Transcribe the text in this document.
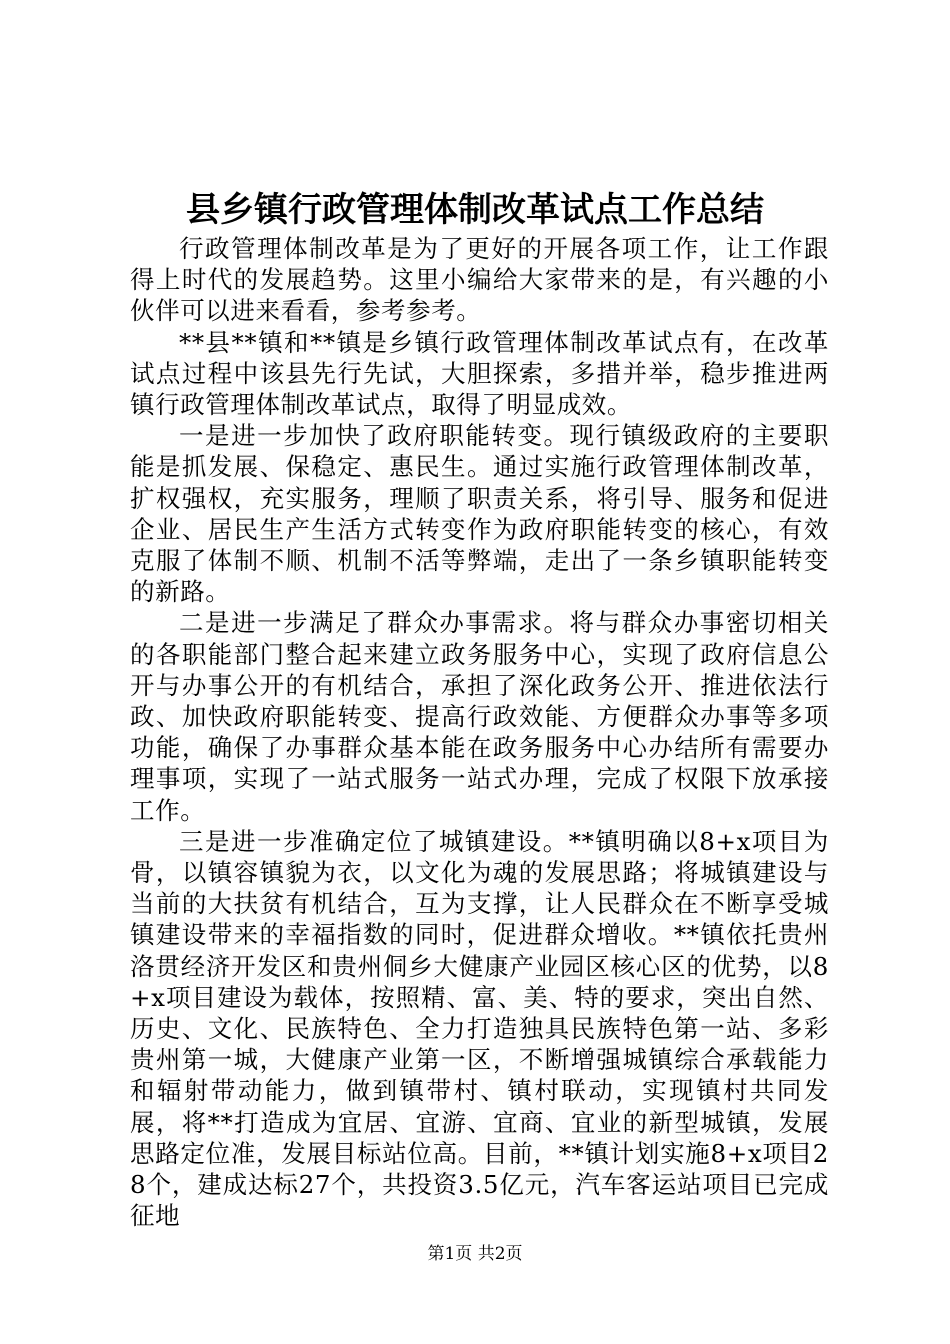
县乡镇行政管理体制改革试点工作总结

行政管理体制改革是为了更好的开展各项工作，让工作跟得上时代的发展趋势。这里小编给大家带来的是，有兴趣的小伙伴可以进来看看，参考参考。

**县**镇和**镇是乡镇行政管理体制改革试点有，在改革试点过程中该县先行先试，大胆探索，多措并举，稳步推进两镇行政管理体制改革试点，取得了明显成效。

一是进一步加快了政府职能转变。现行镇级政府的主要职能是抓发展、保稳定、惠民生。通过实施行政管理体制改革，扩权强权，充实服务，理顺了职责关系，将引导、服务和促进企业、居民生产生活方式转变作为政府职能转变的核心，有效克服了体制不顺、机制不活等弊端，走出了一条乡镇职能转变的新路。

二是进一步满足了群众办事需求。将与群众办事密切相关的各职能部门整合起来建立政务服务中心，实现了政府信息公开与办事公开的有机结合，承担了深化政务公开、推进依法行政、加快政府职能转变、提高行政效能、方便群众办事等多项功能，确保了办事群众基本能在政务服务中心办结所有需要办理事项，实现了一站式服务一站式办理，完成了权限下放承接工作。

三是进一步准确定位了城镇建设。**镇明确以8+x项目为骨，以镇容镇貌为衣，以文化为魂的发展思路；将城镇建设与当前的大扶贫有机结合，互为支撑，让人民群众在不断享受城镇建设带来的幸福指数的同时，促进群众增收。**镇依托贵州洛贯经济开发区和贵州侗乡大健康产业园区核心区的优势，以8+x项目建设为载体，按照精、富、美、特的要求，突出自然、历史、文化、民族特色、全力打造独具民族特色第一站、多彩贵州第一城，大健康产业第一区，不断增强城镇综合承载能力和辐射带动能力，做到镇带村、镇村联动，实现镇村共同发展，将**打造成为宜居、宜游、宜商、宜业的新型城镇，发展思路定位准，发展目标站位高。目前，**镇计划实施8+x项目28个，建成达标27个，共投资3.5亿元，汽车客运站项目已完成征地

第1页 共2页
